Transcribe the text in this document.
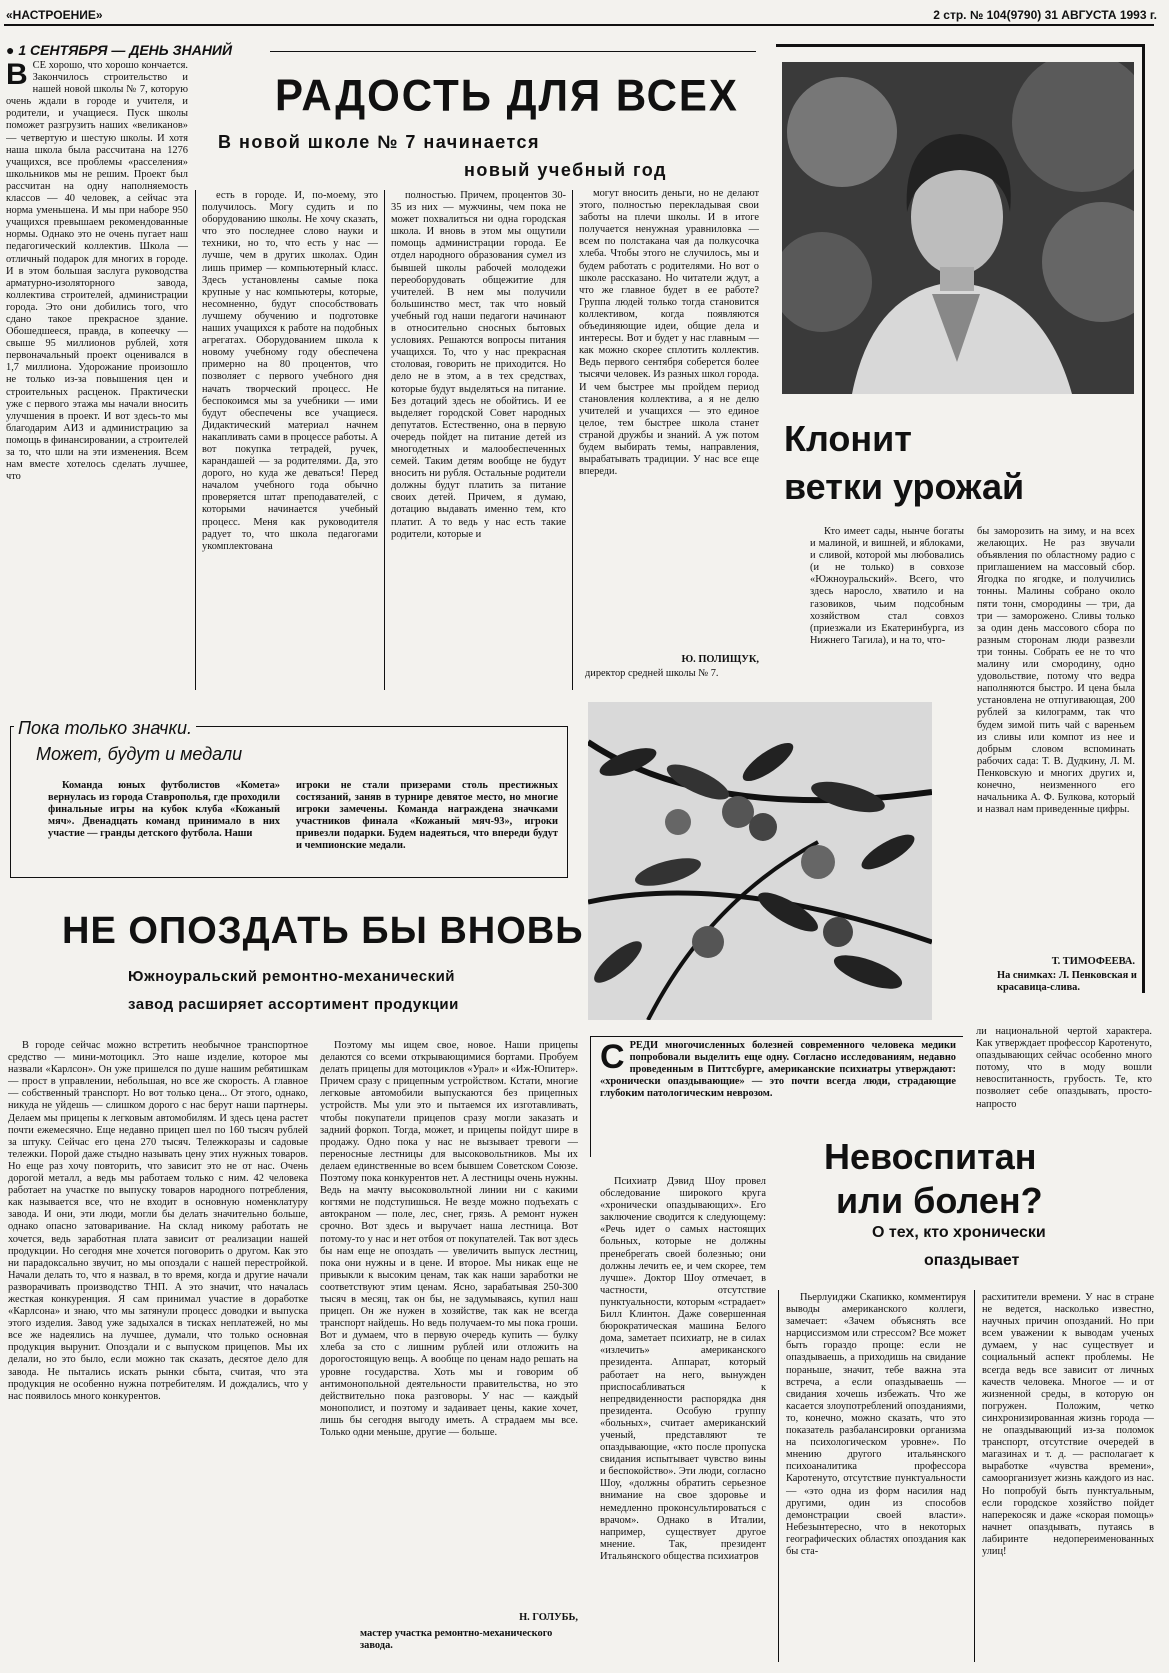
«НАСТРОЕНИЕ»	2 стр. № 104(9790) 31 АВГУСТА 1993 г.
● 1 СЕНТЯБРЯ — ДЕНЬ ЗНАНИЙ
РАДОСТЬ ДЛЯ ВСЕХ
В новой школе № 7 начинается
новый учебный год
В СЕ хорошо, что хорошо кончается. Закончилось строительство и нашей новой школы № 7, которую очень ждали в городе и учителя, и родители, и учащиеся. Пуск школы поможет разгрузить наших «великанов» — четвертую и шестую школы. И хотя наша школа была рассчитана на 1276 учащихся, все проблемы «расселения» школьников мы не решим. Проект был рассчитан на одну наполняемость классов — 40 человек, а сейчас эта норма уменьшена. И мы при наборе 950 учащихся превышаем рекомендованные нормы. Однако это не очень пугает наш педагогический коллектив. Школа — отличный подарок для многих в городе. И в этом большая заслуга руководства арматурно-изоляторного завода, коллектива строителей, администрации города. Это они добились того, что сдано такое прекрасное здание. Обошедшееся, правда, в копеечку — свыше 95 миллионов рублей, хотя первоначальный проект оценивался в 1,7 миллиона. Удорожание произошло не только из-за повышения цен и строительных расценок. Практически уже с первого этажа мы начали вносить улучшения в проект. И вот здесь-то мы благодарим АИЗ и администрацию за помощь в финансировании, а строителей за то, что шли на эти изменения. Всем нам вместе хотелось сделать лучшее, что

есть в городе. И, по-моему, это получилось. Могу судить и по оборудованию школы. Не хочу сказать, что это последнее слово науки и техники, но то, что есть у нас — лучше, чем в других школах. Один лишь пример — компьютерный класс. Здесь установлены самые пока крупные у нас компьютеры, которые, несомненно, будут способствовать лучшему обучению и подготовке наших учащихся к работе на подобных агрегатах. Оборудованием школа к новому учебному году обеспечена примерно на 80 процентов, что позволяет с первого учебного дня начать творческий процесс. Не беспокоимся мы за учебники — ими будут обеспечены все учащиеся. Дидактический материал начнем накапливать сами в процессе работы. А вот покупка тетрадей, ручек, карандашей — за родителями. Да, это дорого, но куда же деваться! Перед началом учебного года обычно проверяется штат преподавателей, с которыми начинается учебный процесс. Меня как руководителя радует то, что школа педагогами укомплектована

полностью. Причем, процентов 30-35 из них — мужчины, чем пока не может похвалиться ни одна городская школа. И вновь в этом мы ощутили помощь администрации города. Ее отдел народного образования сумел из бывшей школы рабочей молодежи переоборудовать общежитие для учителей. В нем мы получили большинство мест, так что новый учебный год наши педагоги начинают в относительно сносных бытовых условиях. Решаются вопросы питания учащихся. То, что у нас прекрасная столовая, говорить не приходится. Но дело не в этом, а в тех средствах, которые будут выделяться на питание. Без дотаций здесь не обойтись. И ее выделяет городской Совет народных депутатов. Естественно, она в первую очередь пойдет на питание детей из многодетных и малообеспеченных семей. Таким детям вообще не будут вносить ни рубля. Остальные родители должны будут платить за питание своих детей. Причем, я думаю, дотацию выдавать именно тем, кто платит. А то ведь у нас есть такие родители, которые и

могут вносить деньги, но не делают этого, полностью перекладывая свои заботы на плечи школы. И в итоге получается ненужная уравниловка — всем по полстакана чая да полкусочка хлеба. Чтобы этого не случилось, мы и будем работать с родителями. Но вот о школе рассказано. Но читатели ждут, а что же главное будет в ее работе? Группа людей только тогда становится коллективом, когда появляются объединяющие идеи, общие дела и интересы. Вот и будет у нас главным — как можно скорее сплотить коллектив. Ведь первого сентября соберется более тысячи человек. Из разных школ города. И чем быстрее мы пройдем период становления коллектива, а я не делю учителей и учащихся — это единое целое, тем быстрее школа станет страной дружбы и знаний. А уж потом будем выбирать темы, направления, вырабатывать традиции. У нас все еще впереди.

Ю. ПОЛИЩУК,
директор средней школы № 7.
Клонит
ветки урожай

Кто имеет сады, нынче богаты и малиной, и вишней, и яблоками, и сливой, которой мы любовались (и не только) в совхозе «Южноуральский». Всего, что здесь наросло, хватило и на газовиков, чьим подсобным хозяйством стал совхоз (приезжали из Екатеринбурга, из Нижнего Тагила), и на то, что-

бы заморозить на зиму, и на всех желающих. Не раз звучали объявления по областному радио с приглашением на массовый сбор. Ягодка по ягодке, и получились тонны. Малины собрано около пяти тонн, смородины — три, да три — заморожено. Сливы только за один день массового сбора по разным сторонам люди развезли три тонны. Собрать ее не то что малину или смородину, одно удовольствие, потому что ведра наполняются быстро. И цена была установлена не отпугивающая, 200 рублей за килограмм, так что будем зимой пить чай с вареньем из сливы или компот из нее и добрым словом вспоминать рабочих сада: Т. В. Дудкину, Л. М. Пенковскую и многих других и, конечно, неизменного его начальника А. Ф. Булкова, который и назвал нам приведенные цифры.

Т. ТИМОФЕЕВА.
На снимках: Л. Пенковская и красавица-слива.
Пока только значки.
Может, будут и медали

Команда юных футболистов «Комета» вернулась из города Ставрополья, где проходили финальные игры на кубок клуба «Кожаный мяч». Двенадцать команд принимало в них участие — гранды детского футбола. Наши

игроки не стали призерами столь престижных состязаний, заняв в турнире девятое место, но многие игроки замечены. Команда награждена значками участников финала «Кожаный мяч-93», игроки привезли подарки. Будем надеяться, что впереди будут и чемпионские медали.

НЕ ОПОЗДАТЬ БЫ ВНОВЬ
Южноуральский ремонтно-механический
завод расширяет ассортимент продукции

В городе сейчас можно встретить необычное транспортное средство — мини-мотоцикл. Это наше изделие, которое мы назвали «Карлсон». Он уже пришелся по душе нашим ребятишкам — прост в управлении, небольшая, но все же скорость. А главное — собственный транспорт. Но вот только цена... От этого, однако, никуда не уйдешь — слишком дорого с нас берут наши партнеры. Делаем мы прицепы к легковым автомобилям. И здесь цена растет почти ежемесячно. Еще недавно прицеп шел по 160 тысяч рублей за штуку. Сейчас его цена 270 тысяч. Тележкоразы и садовые тележки. Порой даже стыдно называть цену этих нужных товаров. Но еще раз хочу повторить, что зависит это не от нас. Очень дорогой металл, а ведь мы работаем только с ним. 42 человека работает на участке по выпуску товаров народного потребления, как называется все, что не входит в основную номенклатуру завода. И они, эти люди, могли бы делать значительно больше, однако опасно затоваривание. На склад никому работать не хочется, ведь заработная плата зависит от реализации нашей продукции. Но сегодня мне хочется поговорить о другом. Как это ни парадоксально звучит, но мы опоздали с нашей перестройкой. Начали делать то, что я назвал, в то время, когда и другие начали разворачивать производство ТНП. А это значит, что началась жесткая конкуренция. Я сам принимал участие в доработке «Карлсона» и знаю, что мы затянули процесс доводки и выпуска этого изделия. Завод уже задыхался в тисках неплатежей, но мы все же надеялись на лучшее, думали, что только основная продукция вырунит. Опоздали и с выпуском прицепов. Мы их делали, но это было, если можно так сказать, десятое дело для завода. Не пытались искать рынки сбыта, считая, что эта продукция не особенно нужна потребителям. И дождались, что у нас появилось много конкурентов.

Поэтому мы ищем свое, новое. Наши прицепы делаются со всеми открывающимися бортами. Пробуем делать прицепы для мотоциклов «Урал» и «Иж-Юпитер». Причем сразу с прицепным устройством. Кстати, многие легковые автомобили выпускаются без прицепных устройств. Мы ули это и пытаемся их изготавливать, чтобы покупатели прицепов сразу могли заказать и задний форкоп. Тогда, может, и прицепы пойдут шире в продажу. Одно пока у нас не вызывает тревоги — переносные лестницы для высоковольтников. Мы их делаем единственные во всем бывшем Советском Союзе. Поэтому пока конкурентов нет. А лестницы очень нужны. Ведь на мачту высоковольтной линии ни с какими когтями не подступишься. Не везде можно подъехать с автокраном — поле, лес, снег, грязь. А ремонт нужен срочно. Вот здесь и выручает наша лестница. Вот потому-то у нас и нет отбоя от покупателей. Так вот здесь бы нам еще не опоздать — увеличить выпуск лестниц, пока они нужны и в цене. И второе. Мы никак еще не привыкли к высоким ценам, так как наши заработки не соответствуют этим ценам. Ясно, зарабатывая 250-300 тысяч в месяц, так он бы, не задумываясь, купил наш прицеп. Он же нужен в хозяйстве, так как не всегда транспорт найдешь. Но ведь получаем-то мы пока гроши. Вот и думаем, что в первую очередь купить — булку хлеба за сто с лишним рублей или отложить на дорогостоящую вещь. А вообще по ценам надо решать на уровне государства. Хоть мы и говорим об антимонопольной деятельности правительства, но это действительно пока разговоры. У нас — каждый монополист, и поэтому и задаивает цены, какие хочет, лишь бы сегодня выгоду иметь. А страдаем мы все. Только одни меньше, другие — больше.

Н. ГОЛУБЬ,
мастер участка ремонтно-механического завода.
С РЕДИ многочисленных болезней современного человека медики попробовали выделить еще одну. Согласно исследованиям, недавно проведенным в Питтсбурге, американские психиатры утверждают: «хронически опаздывающие» — это почти всегда люди, страдающие глубоким патологическим неврозом.

ли национальной чертой характера. Как утверждает профессор Каротенуто, опаздывающих сейчас особенно много потому, что в моду вошли невоспитанность, грубость. Те, кто позволяет себе опаздывать, просто-напросто

Невоспитан
или болен?
О тех, кто хронически
опаздывает

Психиатр Дэвид Шоу провел обследование широкого круга «хронически опаздывающих». Его заключение сводится к следующему: «Речь идет о самых настоящих больных, которые не должны пренебрегать своей болезнью; они должны лечить ее, и чем скорее, тем лучше». Доктор Шоу отмечает, в частности, отсутствие пунктуальности, которым «страдает» Билл Клинтон. Даже совершенная бюрократическая машина Белого дома, заметает психиатр, не в силах «излечить» американского президента. Аппарат, который работает на него, вынужден приспосабливаться к непредвиденности распорядка дня президента. Особую группу «больных», считает американский ученый, представляют те опаздывающие, «кто после пропуска свидания испытывает чувство вины и беспокойство». Эти люди, согласно Шоу, «должны обратить серьезное внимание на свое здоровье и немедленно проконсультироваться с врачом». Однако в Италии, например, существует другое мнение. Так, президент Итальянского общества психиатров

Пьерлуиджи Скапикко, комментируя выводы американского коллеги, замечает: «Зачем объяснять все нарциссизмом или стрессом? Все может быть гораздо проще: если не опаздываешь, а приходишь на свидание пораньше, значит, тебе важна эта встреча, а если опаздываешь — свидания хочешь избежать. Что же касается злоупотреблений опозданиями, то, конечно, можно сказать, что это показатель разбалансировки организма на психологическом уровне». По мнению другого итальянского психоаналитика профессора Каротенуто, отсутствие пунктуальности — «это одна из форм насилия над другими, один из способов демонстрации своей власти». Небезынтересно, что в некоторых географических областях опоздания как бы ста-

расхитители времени. У нас в стране не ведется, насколько известно, научных причин опозданий. Но при всем уважении к выводам ученых думаем, у нас существует и социальный аспект проблемы. Не всегда ведь все зависит от личных качеств человека. Многое — и от жизненной среды, в которую он погружен. Положим, четко синхронизированная жизнь города — не опаздывающий из-за поломок транспорт, отсутствие очередей в магазинах и т. д. — располагает к выработке «чувства времени», самоорганизует жизнь каждого из нас. Но попробуй быть пунктуальным, если городское хозяйство пойдет наперекосяк и даже «скорая помощь» начнет опаздывать, путаясь в лабиринте недопереименованных улиц!
